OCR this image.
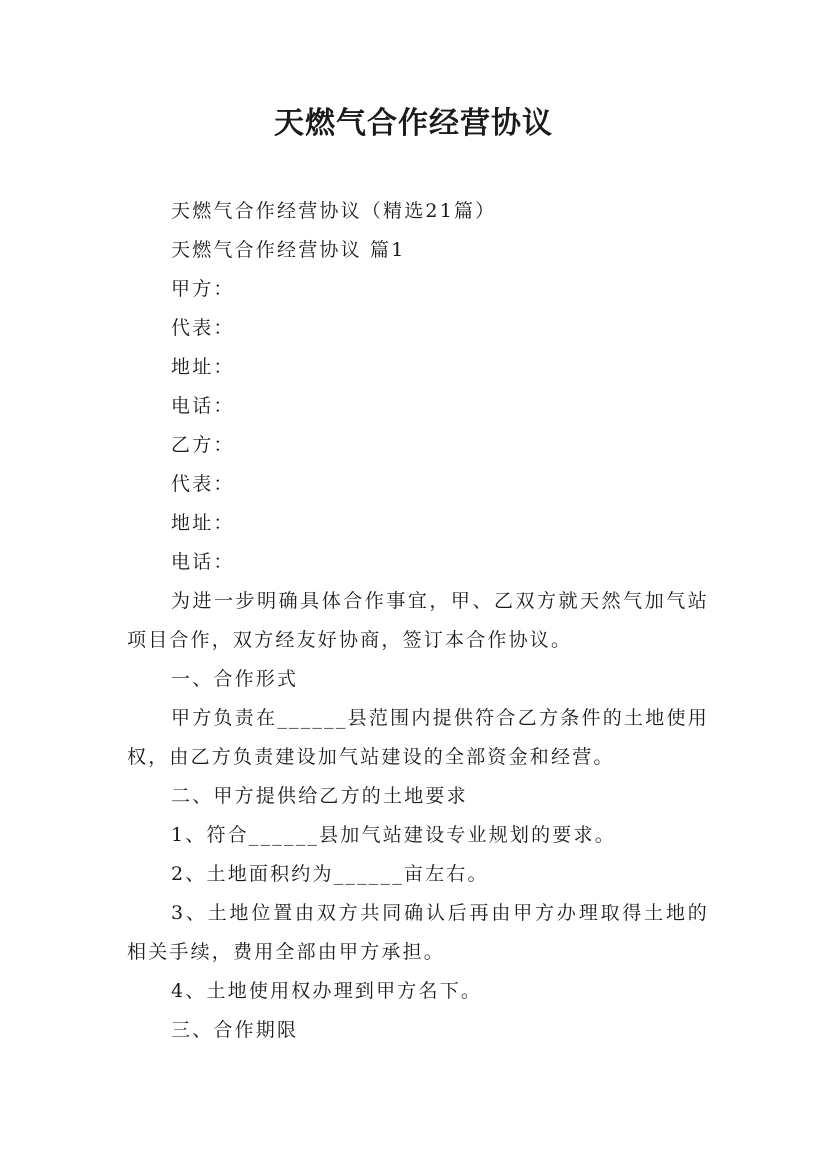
天燃气合作经营协议

天燃气合作经营协议（精选21篇）

天燃气合作经营协议 篇1

甲方：

代表：

地址：

电话：

乙方：

代表：

地址：

电话：

为进一步明确具体合作事宜，甲、乙双方就天然气加气站项目合作，双方经友好协商，签订本合作协议。

一、合作形式

甲方负责在______县范围内提供符合乙方条件的土地使用权，由乙方负责建设加气站建设的全部资金和经营。

二、甲方提供给乙方的土地要求

1、符合______县加气站建设专业规划的要求。

2、土地面积约为______亩左右。

3、土地位置由双方共同确认后再由甲方办理取得土地的相关手续，费用全部由甲方承担。

4、土地使用权办理到甲方名下。

三、合作期限
